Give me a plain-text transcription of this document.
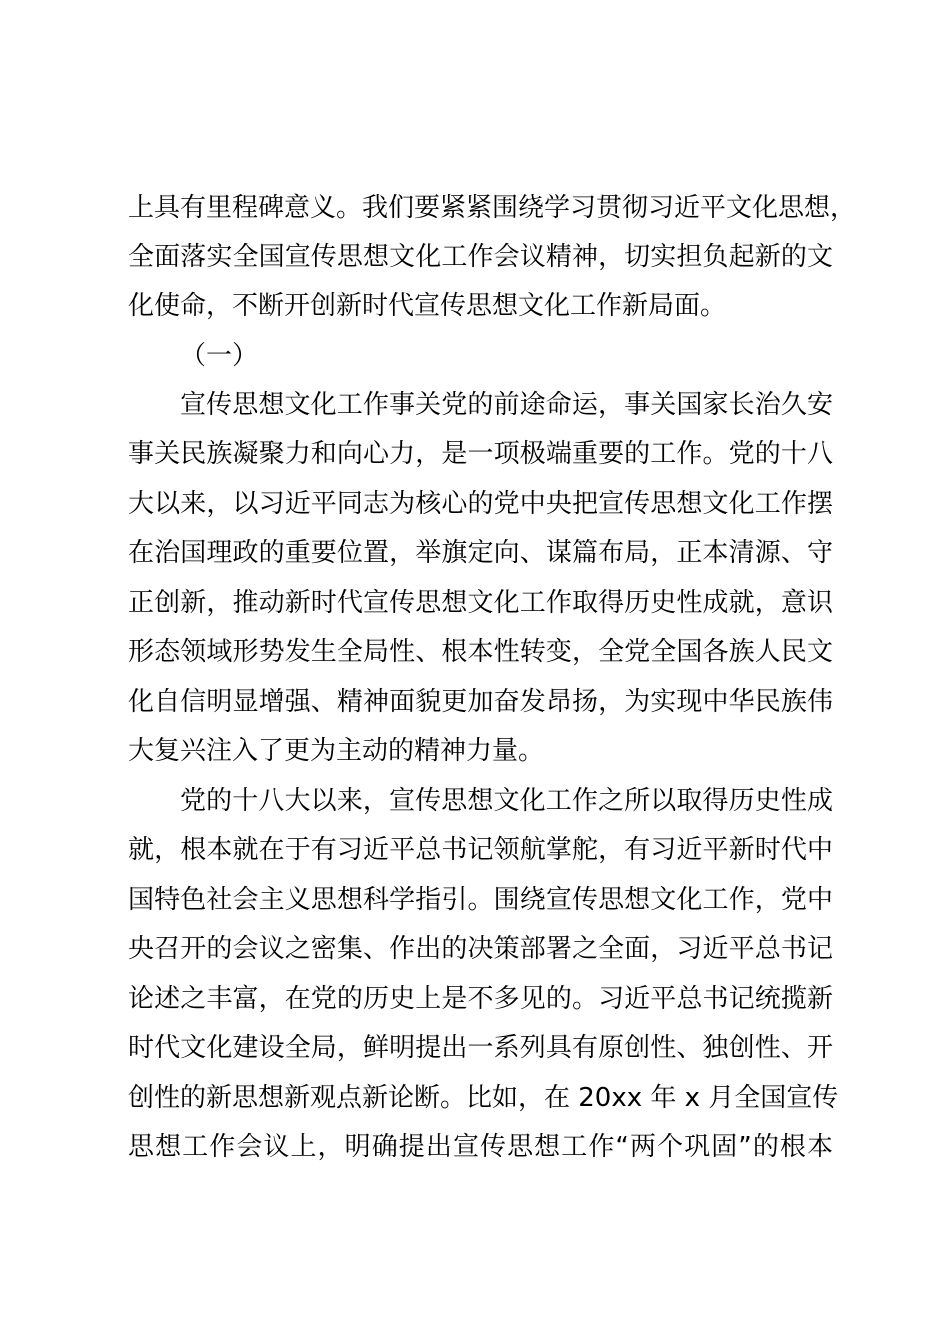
上具有里程碑意义。我们要紧紧围绕学习贯彻习近平文化思想，
全面落实全国宣传思想文化工作会议精神，切实担负起新的文
化使命，不断开创新时代宣传思想文化工作新局面。
（一）
宣传思想文化工作事关党的前途命运，事关国家长治久安
事关民族凝聚力和向心力，是一项极端重要的工作。党的十八
大以来，以习近平同志为核心的党中央把宣传思想文化工作摆
在治国理政的重要位置，举旗定向、谋篇布局，正本清源、守
正创新，推动新时代宣传思想文化工作取得历史性成就，意识
形态领域形势发生全局性、根本性转变，全党全国各族人民文
化自信明显增强、精神面貌更加奋发昂扬，为实现中华民族伟
大复兴注入了更为主动的精神力量。
党的十八大以来，宣传思想文化工作之所以取得历史性成
就，根本就在于有习近平总书记领航掌舵，有习近平新时代中
国特色社会主义思想科学指引。围绕宣传思想文化工作，党中
央召开的会议之密集、作出的决策部署之全面，习近平总书记
论述之丰富，在党的历史上是不多见的。习近平总书记统揽新
时代文化建设全局，鲜明提出一系列具有原创性、独创性、开
创性的新思想新观点新论断。比如，在 20xx 年 x 月全国宣传
思想工作会议上，明确提出宣传思想工作“两个巩固”的根本
